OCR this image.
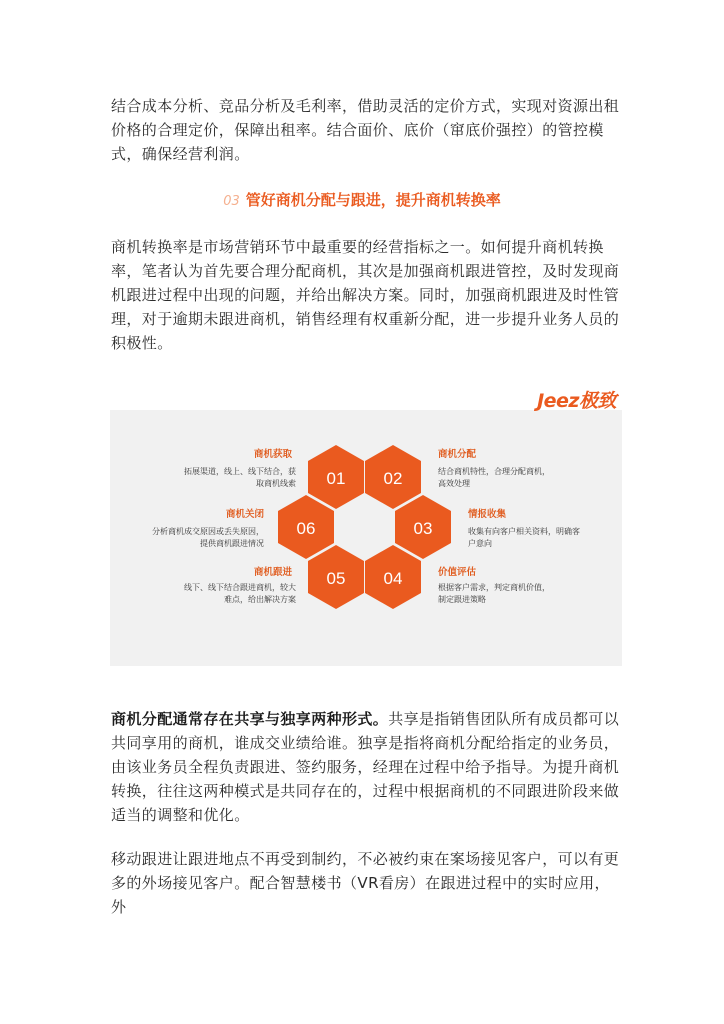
结合成本分析、竞品分析及毛利率，借助灵活的定价方式，实现对资源出租价格的合理定价，保障出租率。结合面价、底价（窜底价强控）的管控模式，确保经营利润。

03 管好商机分配与跟进，提升商机转换率

商机转换率是市场营销环节中最重要的经营指标之一。如何提升商机转换率，笔者认为首先要合理分配商机，其次是加强商机跟进管控，及时发现商机跟进过程中出现的问题，并给出解决方案。同时，加强商机跟进及时性管理，对于逾期未跟进商机，销售经理有权重新分配，进一步提升业务人员的积极性。

Jeez极致
01 02
03
04
05
06
商机获取
拓展渠道，线上、线下结合，获
取商机线索
商机关闭
分析商机成交原因或丢失原因，
提供商机跟进情况
商机跟进
线下、线下结合跟进商机，较大
难点，给出解决方案
商机分配
结合商机特性，合理分配商机，
高效处理
情报收集
收集有向客户相关资料，明确客
户意向
价值评估
根据客户需求，判定商机价值，
制定跟进策略

商机分配通常存在共享与独享两种形式。共享是指销售团队所有成员都可以共同享用的商机，谁成交业绩给谁。独享是指将商机分配给指定的业务员，由该业务员全程负责跟进、签约服务，经理在过程中给予指导。为提升商机转换，往往这两种模式是共同存在的，过程中根据商机的不同跟进阶段来做适当的调整和优化。

移动跟进让跟进地点不再受到制约，不必被约束在案场接见客户，可以有更多的外场接见客户。配合智慧楼书（VR看房）在跟进过程中的实时应用，外
